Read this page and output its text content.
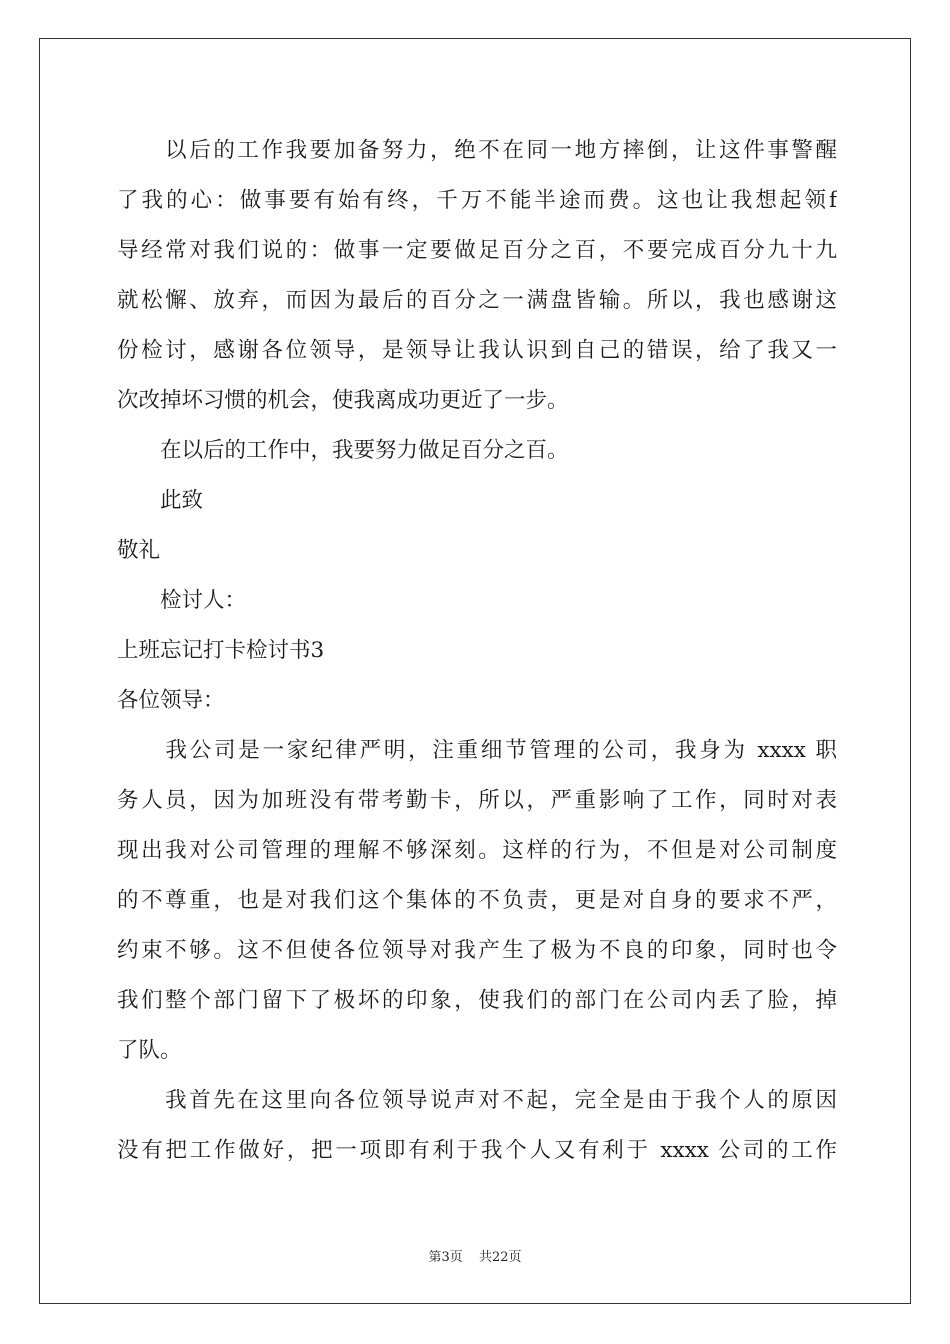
　　以后的工作我要加备努力，绝不在同一地方摔倒，让这件事警醒
了我的心：做事要有始有终，千万不能半途而费。这也让我想起领f
导经常对我们说的：做事一定要做足百分之百，不要完成百分九十九
就松懈、放弃，而因为最后的百分之一满盘皆输。所以，我也感谢这
份检讨，感谢各位领导，是领导让我认识到自己的错误，给了我又一
次改掉坏习惯的机会，使我离成功更近了一步。
　　在以后的工作中，我要努力做足百分之百。
　　此致
敬礼
　　检讨人：
上班忘记打卡检讨书3
各位领导：
　　我公司是一家纪律严明，注重细节管理的公司，我身为 xxxx 职
务人员，因为加班没有带考勤卡，所以，严重影响了工作，同时对表
现出我对公司管理的理解不够深刻。这样的行为，不但是对公司制度
的不尊重，也是对我们这个集体的不负责，更是对自身的要求不严，
约束不够。这不但使各位领导对我产生了极为不良的印象，同时也令
我们整个部门留下了极坏的印象，使我们的部门在公司内丢了脸，掉
了队。
　　我首先在这里向各位领导说声对不起，完全是由于我个人的原因
没有把工作做好，把一项即有利于我个人又有利于 xxxx 公司的工作
第3页 共22页
